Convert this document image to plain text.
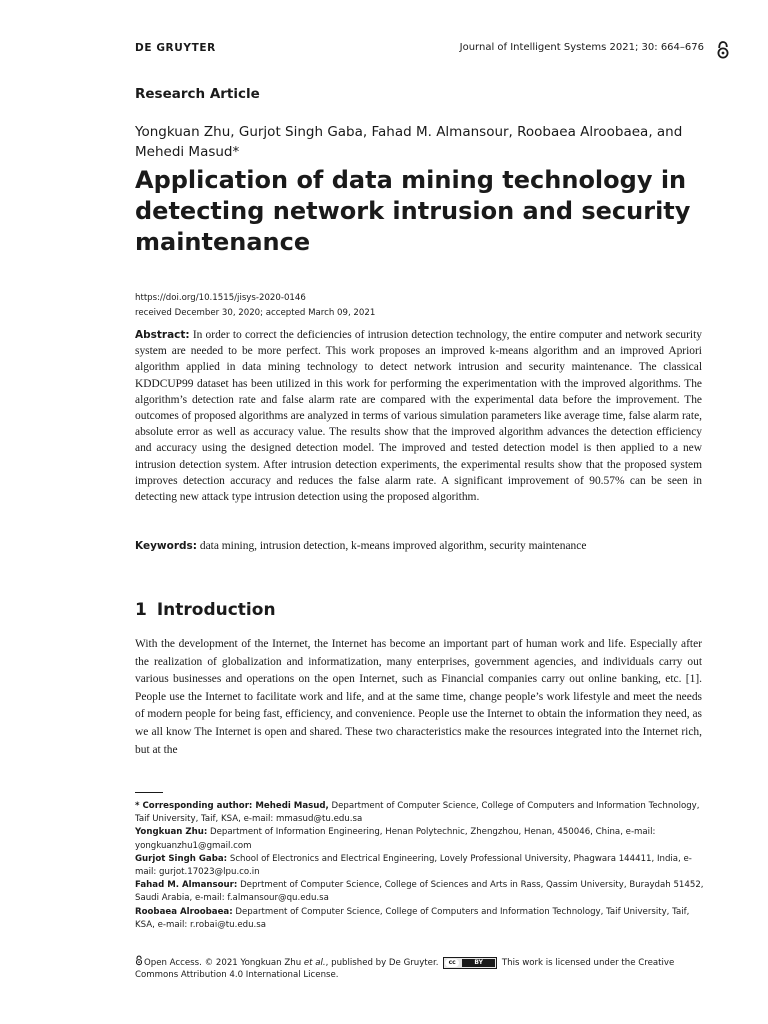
DE GRUYTER	Journal of Intelligent Systems 2021; 30: 664–676
Research Article
Yongkuan Zhu, Gurjot Singh Gaba, Fahad M. Almansour, Roobaea Alroobaea, and Mehedi Masud*
Application of data mining technology in detecting network intrusion and security maintenance
https://doi.org/10.1515/jisys-2020-0146
received December 30, 2020; accepted March 09, 2021

Abstract: In order to correct the deficiencies of intrusion detection technology, the entire computer and network security system are needed to be more perfect. This work proposes an improved k-means algorithm and an improved Apriori algorithm applied in data mining technology to detect network intrusion and security maintenance. The classical KDDCUP99 dataset has been utilized in this work for performing the experimentation with the improved algorithms. The algorithm’s detection rate and false alarm rate are compared with the experimental data before the improvement. The outcomes of proposed algorithms are analyzed in terms of various simulation parameters like average time, false alarm rate, absolute error as well as accuracy value. The results show that the improved algorithm advances the detection efficiency and accuracy using the designed detection model. The improved and tested detection model is then applied to a new intrusion detection system. After intrusion detection experiments, the experimental results show that the proposed system improves detection accuracy and reduces the false alarm rate. A significant improvement of 90.57% can be seen in detecting new attack type intrusion detection using the proposed algorithm.

Keywords: data mining, intrusion detection, k-means improved algorithm, security maintenance
1 Introduction

With the development of the Internet, the Internet has become an important part of human work and life. Especially after the realization of globalization and informatization, many enterprises, government agencies, and individuals carry out various businesses and operations on the open Internet, such as Financial companies carry out online banking, etc. [1]. People use the Internet to facilitate work and life, and at the same time, change people’s work lifestyle and meet the needs of modern people for being fast, efficiency, and convenience. People use the Internet to obtain the information they need, as we all know The Internet is open and shared. These two characteristics make the resources integrated into the Internet rich, but at the

* Corresponding author: Mehedi Masud, Department of Computer Science, College of Computers and Information Technology, Taif University, Taif, KSA, e-mail: mmasud@tu.edu.sa

Yongkuan Zhu: Department of Information Engineering, Henan Polytechnic, Zhengzhou, Henan, 450046, China, e-mail: yongkuanzhu1@gmail.com

Gurjot Singh Gaba: School of Electronics and Electrical Engineering, Lovely Professional University, Phagwara 144411, India, e-mail: gurjot.17023@lpu.co.in

Fahad M. Almansour: Deprtment of Computer Science, College of Sciences and Arts in Rass, Qassim University, Buraydah 51452, Saudi Arabia, e-mail: f.almansour@qu.edu.sa

Roobaea Alroobaea: Department of Computer Science, College of Computers and Information Technology, Taif University, Taif, KSA, e-mail: r.robai@tu.edu.sa

Open Access. © 2021 Yongkuan Zhu et al., published by De Gruyter.	cc	BY	This work is licensed under the Creative Commons Attribution 4.0 International License.
